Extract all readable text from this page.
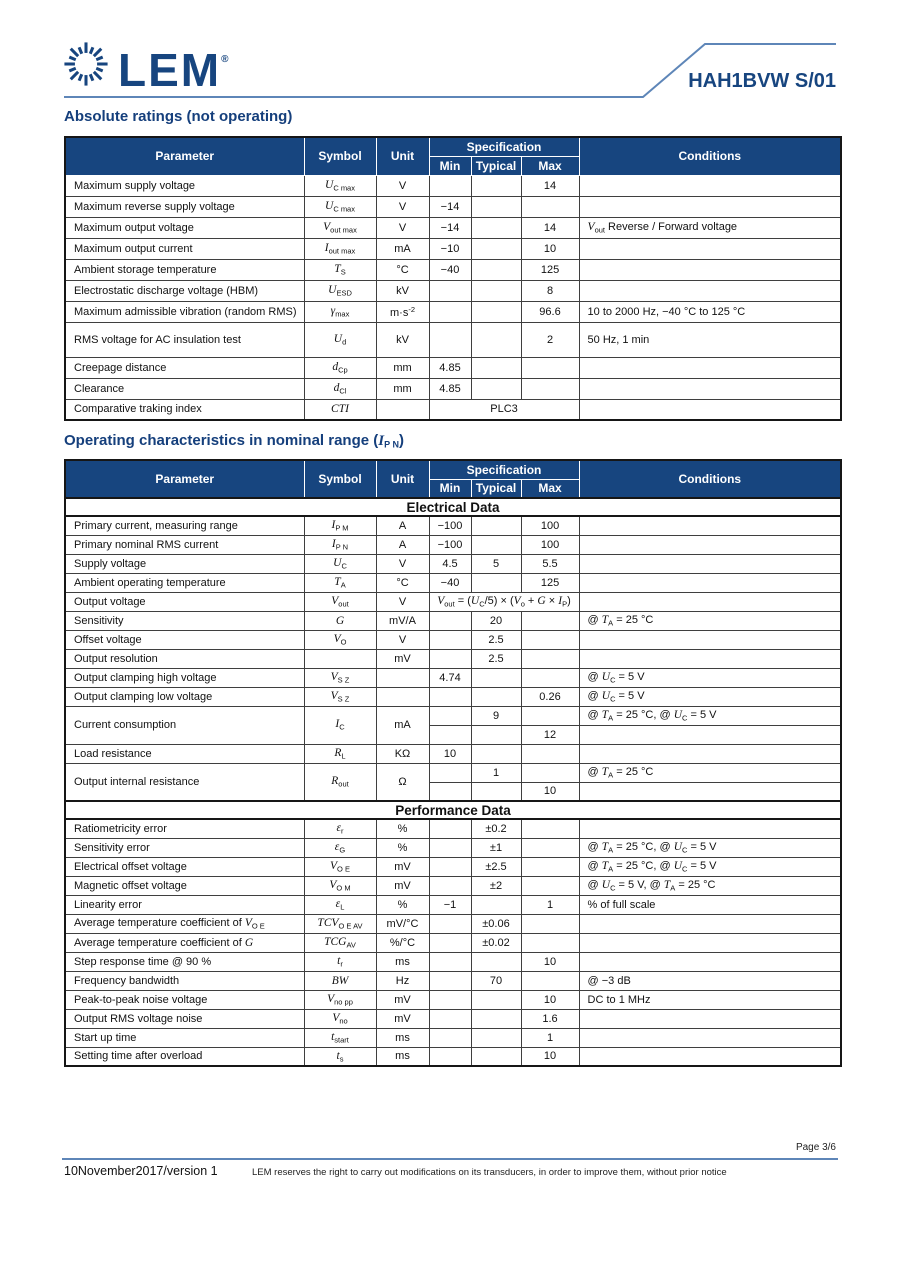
LEM®
HAH1BVW S/01
Absolute ratings (not operating)
Parameter	Symbol	Unit	Specification			Conditions
			Min	Typical	Max	
Maximum supply voltage	$U_{C max}$	V			14	
Maximum reverse supply voltage	$U_{C max}$	V	−14			
Maximum output voltage	$V_{out max}$	V	−14		14	$V_{out}$ Reverse / Forward voltage
Maximum output current	$I_{out max}$	mA	−10		10	
Ambient storage temperature	$T_S$	°C	−40		125	
Electrostatic discharge voltage (HBM)	$U_{ESD}$	kV			8	
Maximum admissible vibration (random RMS)	$\gamma_{max}$	$m\cdot s^{-2}$			96.6	10 to 2000 Hz, −40 °C to 125 °C
RMS voltage for AC insulation test	$U_d$	kV			2	50 Hz, 1 min
Creepage distance	$d_{Cp}$	mm	4.85			
Clearance	$d_{Cl}$	mm	4.85			
Comparative traking index	CTI		PLC3			
Operating characteristics in nominal range (IP N)
Parameter	Symbol	Unit	Specification			Conditions
			Min	Typical	Max	
Electrical Data						
Primary current, measuring range	$I_{P M}$	A	−100		100	
Primary nominal RMS current	$I_{P N}$	A	−100		100	
Supply voltage	$U_C$	V	4.5	5	5.5	
Ambient operating temperature	$T_A$	°C	−40		125	
Output voltage	$V_{out}$	V	$V_{out} = (U_C/5) \times (V_o + G \times I_P)$			
Sensitivity	G	mV/A		20		@ $T_A = 25$ °C
Offset voltage	$V_O$	V		2.5		
Output resolution		mV		2.5		
Output clamping high voltage	$V_{S Z}$		4.74			@ $U_C = 5$ V
Output clamping low voltage	$V_{S Z}$				0.26	@ $U_C = 5$ V
Current consumption	$I_C$	mA		9		@ $T_A = 25$ °C, @ $U_C = 5$ V
					12	
Load resistance	$R_L$	KΩ	10			
Output internal resistance	$R_{out}$	Ω		1		@ $T_A = 25$ °C
					10	
Performance Data						
Ratiometricity error	$\varepsilon_r$	%		±0.2		
Sensitivity error	$\varepsilon_G$	%		±1		@ $T_A = 25$ °C, @ $U_C = 5$ V
Electrical offset voltage	$V_{O E}$	mV		±2.5		@ $T_A = 25$ °C, @ $U_C = 5$ V
Magnetic offset voltage	$V_{O M}$	mV		±2		@ $U_C = 5$ V, @ $T_A = 25$ °C
Linearity error	$\varepsilon_L$	%	−1		1	% of full scale
Average temperature coefficient of $V_{O E}$	$TCV_{O E AV}$	mV/°C		±0.06		
Average temperature coefficient of G	$TCG_{AV}$	%/°C		±0.02		
Step response time @ 90 %	$t_r$	ms			10	
Frequency bandwidth	BW	Hz		70		@ −3 dB
Peak-to-peak noise voltage	$V_{no pp}$	mV			10	DC to 1 MHz
Output RMS voltage noise	$V_{no}$	mV			1.6	
Start up time	$t_{start}$	ms			1	
Setting time after overload	$t_s$	ms			10	
Page 3/6
10November2017/version 1	LEM reserves the right to carry out modifications on its transducers, in order to improve them, without prior notice
